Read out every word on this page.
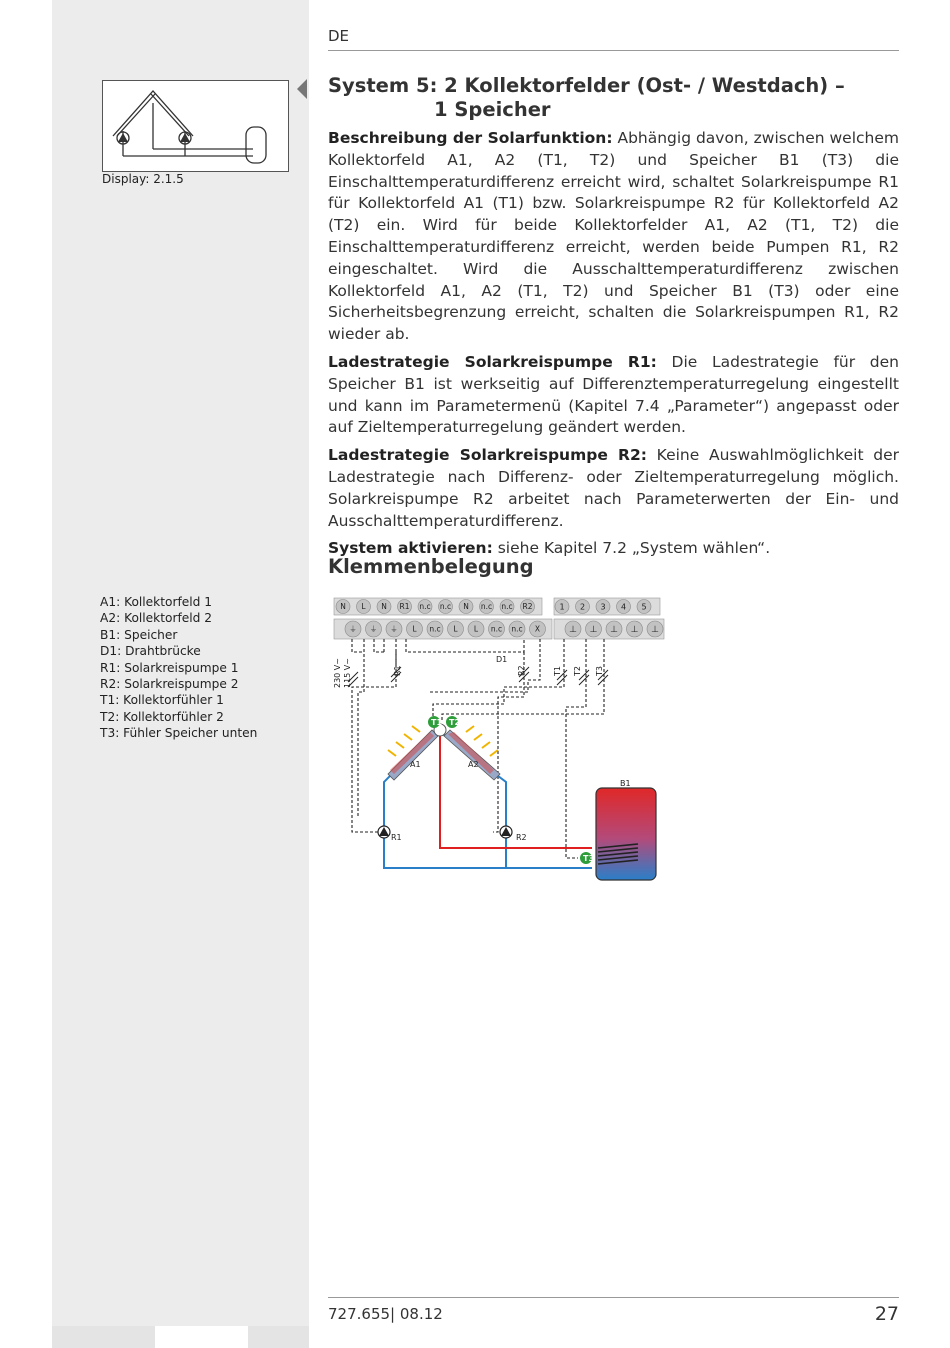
DE
Display: 2.1.5
System 5: 2 Kollektorfelder (Ost- / Westdach) –
1 Speicher

Beschreibung der Solarfunktion: Abhängig davon, zwischen welchem Kollektorfeld A1, A2 (T1, T2) und Speicher B1 (T3) die Einschalttemperaturdifferenz erreicht wird, schaltet Solarkreispumpe R1 für Kollektorfeld A1 (T1) bzw. Solarkreispumpe R2 für Kollektorfeld A2 (T2) ein. Wird für beide Kollektorfelder A1, A2 (T1, T2) die Einschalttemperaturdifferenz erreicht, werden beide Pumpen R1, R2 eingeschaltet. Wird die Ausschalttemperaturdifferenz zwischen Kollektorfeld A1, A2 (T1, T2) und Speicher B1 (T3) oder eine Sicherheitsbegrenzung erreicht, schalten die Solarkreispumpen R1, R2 wieder ab.

Ladestrategie Solarkreispumpe R1: Die Ladestrategie für den Speicher B1 ist werkseitig auf Differenztemperaturregelung eingestellt und kann im Parametermenü (Kapitel 7.4 „Parameter“) angepasst oder auf Zieltemperaturregelung geändert werden.

Ladestrategie Solarkreispumpe R2: Keine Auswahlmöglichkeit der Ladestrategie nach Differenz- oder Zieltemperaturregelung möglich. Solarkreispumpe R2 arbeitet nach Parameterwerten der Ein- und Ausschalttemperaturdifferenz.

System aktivieren: siehe Kapitel 7.2 „System wählen“.

Klemmenbelegung
A1: Kollektorfeld 1
A2: Kollektorfeld 2
B1: Speicher
D1: Drahtbrücke
R1: Solarkreispumpe 1
R2: Solarkreispumpe 2
T1: Kollektorfühler 1
T2: Kollektorfühler 2
T3: Fühler Speicher unten
N L N R1 n.c n.c N n.c n.c R2
⏚ ⏚ ⏚ L n.c L L n.c n.c X
1 2 3 4 5
⊥ ⊥ ⊥ ⊥ ⊥
T1 T2
T3
A1	A2
B1
R1	R2
D1
R1	R2	T1 T2 T3
230 V~ 115 V~
727.655| 08.12	27
